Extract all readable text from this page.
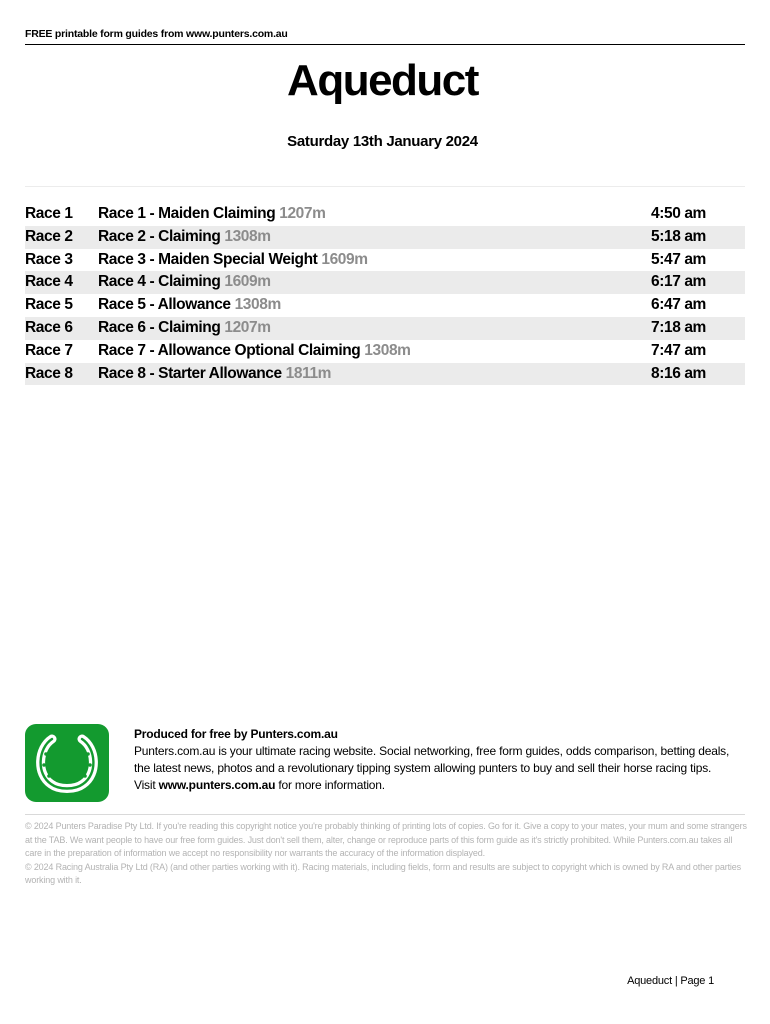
FREE printable form guides from www.punters.com.au
Aqueduct
Saturday 13th January 2024
Race 1 Race 1 - Maiden Claiming 1207m	4:50 am
Race 2 Race 2 - Claiming 1308m	5:18 am
Race 3 Race 3 - Maiden Special Weight 1609m	5:47 am
Race 4 Race 4 - Claiming 1609m	6:17 am
Race 5 Race 5 - Allowance 1308m	6:47 am
Race 6 Race 6 - Claiming 1207m	7:18 am
Race 7 Race 7 - Allowance Optional Claiming 1308m	7:47 am
Race 8 Race 8 - Starter Allowance 1811m	8:16 am
Produced for free by Punters.com.au
Punters.com.au is your ultimate racing website. Social networking, free form guides, odds comparison, betting deals, the latest news, photos and a revolutionary tipping system allowing punters to buy and sell their horse racing tips.
Visit www.punters.com.au for more information.
© 2024 Punters Paradise Pty Ltd. If you're reading this copyright notice you're probably thinking of printing lots of copies. Go for it. Give a copy to your mates, your mum and some strangers at the TAB. We want people to have our free form guides. Just don't sell them, alter, change or reproduce parts of this form guide as it's strictly prohibited. While Punters.com.au takes all care in the preparation of information we accept no responsibility nor warrants the accuracy of the information displayed.
© 2024 Racing Australia Pty Ltd (RA) (and other parties working with it). Racing materials, including fields, form and results are subject to copyright which is owned by RA and other parties working with it.
Aqueduct | Page 1
